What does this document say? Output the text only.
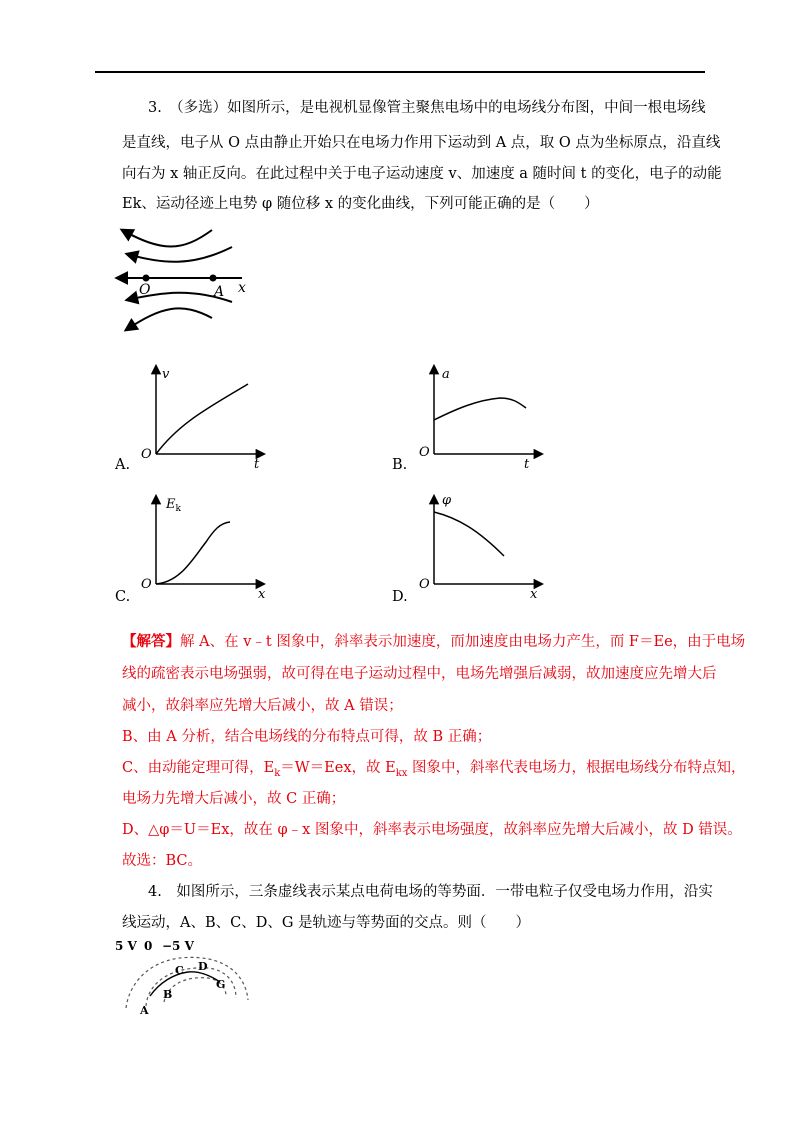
3.　（多选）如图所示，是电视机显像管主聚焦电场中的电场线分布图，中间一根电场线
是直线，电子从 O 点由静止开始只在电场力作用下运动到 A 点，取 O 点为坐标原点，沿直线
向右为 x 轴正反向。在此过程中关于电子运动速度 v、加速度 a 随时间 t 的变化，电子的动能
Ek、运动径迹上电势 φ 随位移 x 的变化曲线，下列可能正确的是（　　）
O	A x
A.
v
t
O
B.
a
t
O
C.
$E_k$
x
O
D.
φ
x
O
【解答】解 A、在 v﹣t 图象中，斜率表示加速度，而加速度由电场力产生，而 F＝Ee，由于电场
线的疏密表示电场强弱，故可得在电子运动过程中，电场先增强后减弱，故加速度应先增大后
减小，故斜率应先增大后减小，故 A 错误；
B、由 A 分析，结合电场线的分布特点可得，故 B 正确；
C、由动能定理可得，$E_k=W=Eex$，故 $E_{kx}$ 图象中，斜率代表电场力，根据电场线分布特点知，
电场力先增大后减小，故 C 正确；
D、△φ＝U＝Ex，故在 φ﹣x 图象中，斜率表示电场强度，故斜率应先增大后减小，故 D 错误。
故选：BC。
4.　如图所示，三条虚线表示某点电荷电场的等势面．一带电粒子仅受电场力作用，沿实
线运动，A、B、C、D、G 是轨迹与等势面的交点。则（　　）
5 V 0 −5 V
A
B
C D
G
